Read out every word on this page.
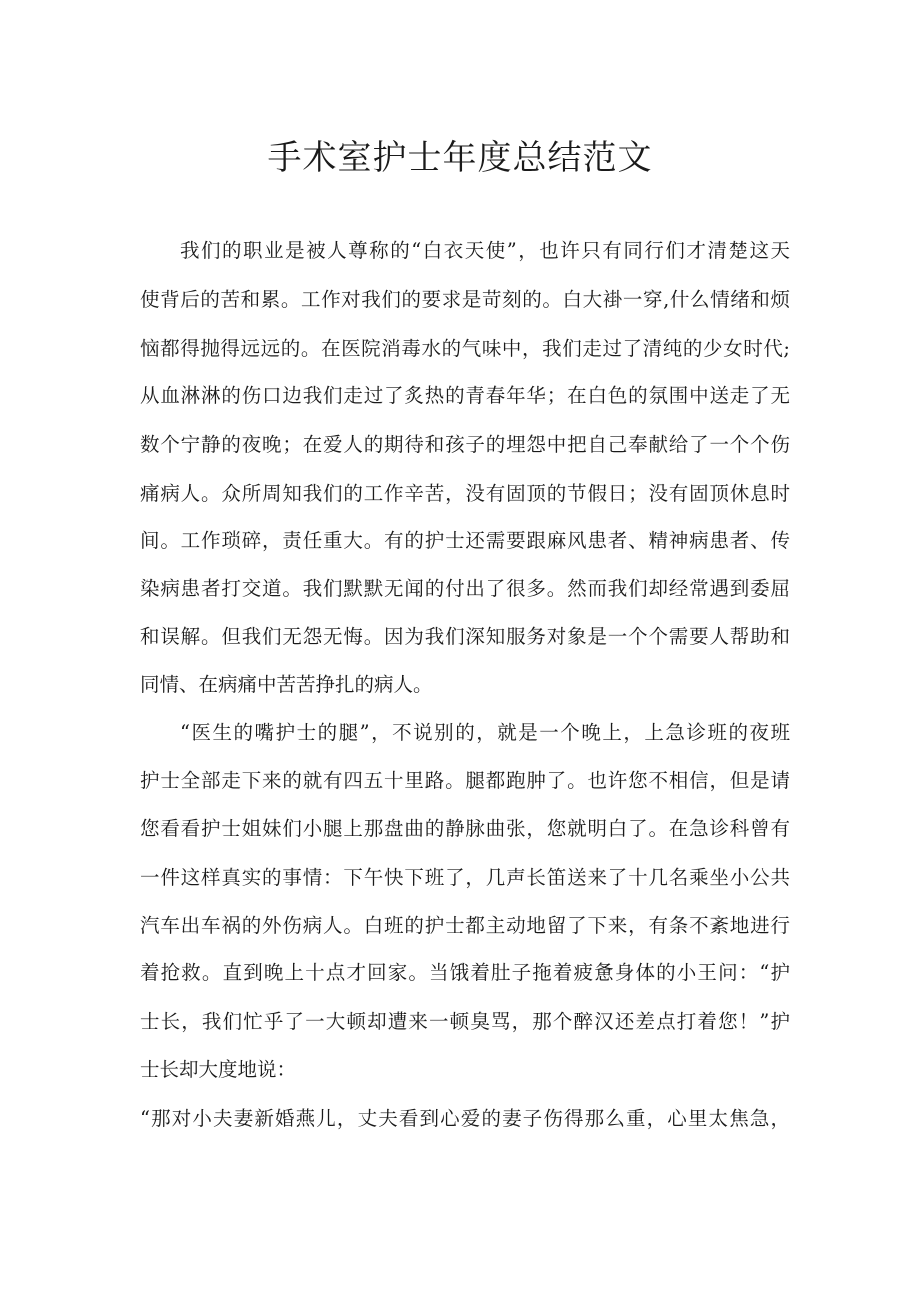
手术室护士年度总结范文
我们的职业是被人尊称的“白衣天使”，也许只有同行们才清楚这天
使背后的苦和累。工作对我们的要求是苛刻的。白大褂一穿,什么情绪和烦
恼都得抛得远远的。在医院消毒水的气味中，我们走过了清纯的少女时代;
从血淋淋的伤口边我们走过了炙热的青春年华；在白色的氛围中送走了无
数个宁静的夜晚；在爱人的期待和孩子的埋怨中把自己奉献给了一个个伤
痛病人。众所周知我们的工作辛苦，没有固顶的节假日；没有固顶休息时
间。工作琐碎，责任重大。有的护士还需要跟麻风患者、精神病患者、传
染病患者打交道。我们默默无闻的付出了很多。然而我们却经常遇到委屈
和误解。但我们无怨无悔。因为我们深知服务对象是一个个需要人帮助和
同情、在病痛中苦苦挣扎的病人。
“医生的嘴护士的腿”，不说别的，就是一个晚上，上急诊班的夜班
护士全部走下来的就有四五十里路。腿都跑肿了。也许您不相信，但是请
您看看护士姐妹们小腿上那盘曲的静脉曲张，您就明白了。在急诊科曾有
一件这样真实的事情：下午快下班了，几声长笛送来了十几名乘坐小公共
汽车出车祸的外伤病人。白班的护士都主动地留了下来，有条不紊地进行
着抢救。直到晚上十点才回家。当饿着肚子拖着疲惫身体的小王问：“护
士长，我们忙乎了一大顿却遭来一顿臭骂，那个醉汉还差点打着您！”护
士长却大度地说：
“那对小夫妻新婚燕儿，丈夫看到心爱的妻子伤得那么重，心里太焦急，
